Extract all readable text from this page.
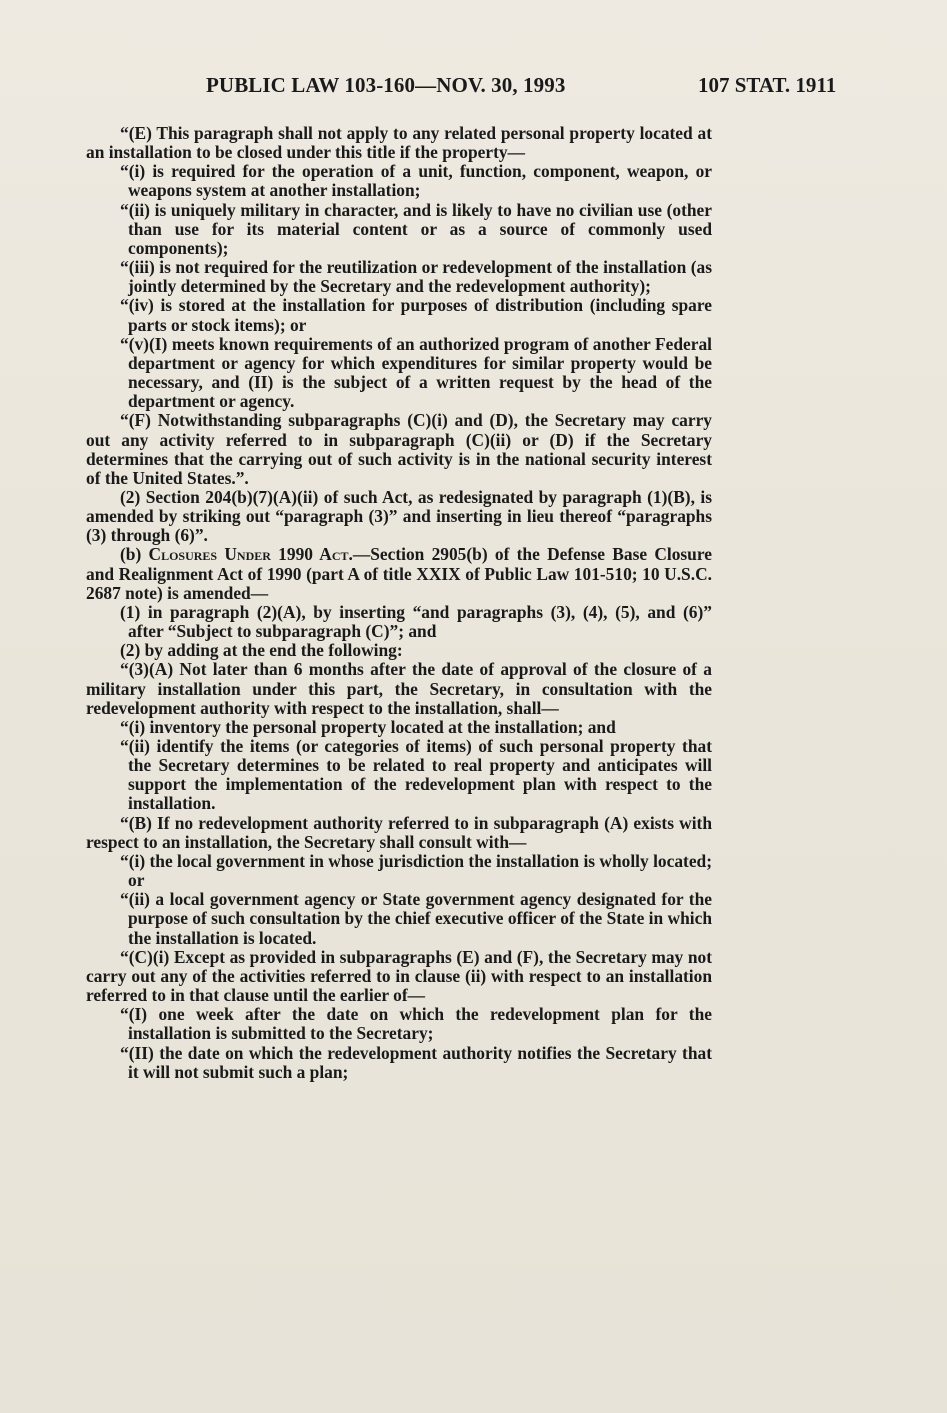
PUBLIC LAW 103-160—NOV. 30, 1993	107 STAT. 1911

“(E) This paragraph shall not apply to any related personal property located at an installation to be closed under this title if the property—

“(i) is required for the operation of a unit, function, component, weapon, or weapons system at another installation;

“(ii) is uniquely military in character, and is likely to have no civilian use (other than use for its material content or as a source of commonly used components);

“(iii) is not required for the reutilization or redevelopment of the installation (as jointly determined by the Secretary and the redevelopment authority);

“(iv) is stored at the installation for purposes of distribution (including spare parts or stock items); or

“(v)(I) meets known requirements of an authorized program of another Federal department or agency for which expenditures for similar property would be necessary, and (II) is the subject of a written request by the head of the department or agency.

“(F) Notwithstanding subparagraphs (C)(i) and (D), the Secretary may carry out any activity referred to in subparagraph (C)(ii) or (D) if the Secretary determines that the carrying out of such activity is in the national security interest of the United States.”.

(2) Section 204(b)(7)(A)(ii) of such Act, as redesignated by paragraph (1)(B), is amended by striking out “paragraph (3)” and inserting in lieu thereof “paragraphs (3) through (6)”.

(b) Closures Under 1990 Act.—Section 2905(b) of the Defense Base Closure and Realignment Act of 1990 (part A of title XXIX of Public Law 101-510; 10 U.S.C. 2687 note) is amended—

(1) in paragraph (2)(A), by inserting “and paragraphs (3), (4), (5), and (6)” after “Subject to subparagraph (C)”; and

(2) by adding at the end the following:

“(3)(A) Not later than 6 months after the date of approval of the closure of a military installation under this part, the Secretary, in consultation with the redevelopment authority with respect to the installation, shall—

“(i) inventory the personal property located at the installation; and

“(ii) identify the items (or categories of items) of such personal property that the Secretary determines to be related to real property and anticipates will support the implementation of the redevelopment plan with respect to the installation.

“(B) If no redevelopment authority referred to in subparagraph (A) exists with respect to an installation, the Secretary shall consult with—

“(i) the local government in whose jurisdiction the installation is wholly located; or

“(ii) a local government agency or State government agency designated for the purpose of such consultation by the chief executive officer of the State in which the installation is located.

“(C)(i) Except as provided in subparagraphs (E) and (F), the Secretary may not carry out any of the activities referred to in clause (ii) with respect to an installation referred to in that clause until the earlier of—

“(I) one week after the date on which the redevelopment plan for the installation is submitted to the Secretary;

“(II) the date on which the redevelopment authority notifies the Secretary that it will not submit such a plan;
